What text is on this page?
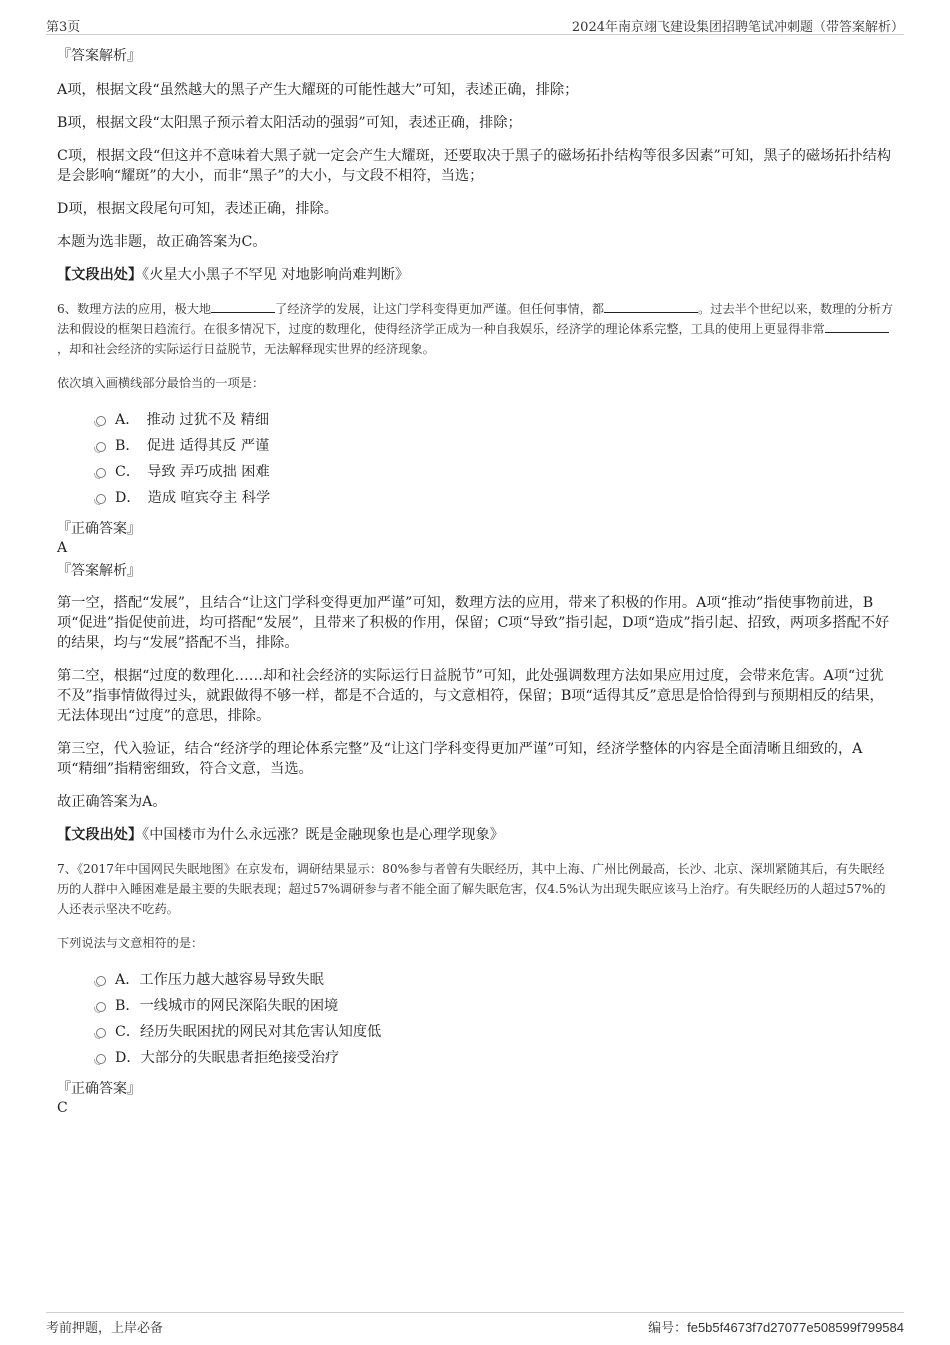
第3页	2024年南京翊飞建设集团招聘笔试冲刺题（带答案解析）

『答案解析』

A项，根据文段“虽然越大的黑子产生大耀斑的可能性越大”可知，表述正确，排除；

B项，根据文段“太阳黑子预示着太阳活动的强弱”可知，表述正确，排除；

C项，根据文段“但这并不意味着大黑子就一定会产生大耀斑，还要取决于黑子的磁场拓扑结构等很多因素”可知，黑子的磁场拓扑结构是会影响“耀斑”的大小，而非“黑子”的大小，与文段不相符，当选；

D项，根据文段尾句可知，表述正确，排除。

本题为选非题，故正确答案为C。

【文段出处】《火星大小黑子不罕见 对地影响尚难判断》

6、数理方法的应用，极大地	了经济学的发展，让这门学科变得更加严谨。但任何事情，都	。过去半个世纪以来，数理的分析方法和假设的框架日趋流行。在很多情况下，过度的数理化，使得经济学正成为一种自我娱乐，经济学的理论体系完整，工具的使用上更显得非常，却和社会经济的实际运行日益脱节，无法解释现实世界的经济现象。

依次填入画横线部分最恰当的一项是：

A．　推动 过犹不及 精细
B．　促进 适得其反 严谨
C．　导致 弄巧成拙 困难
D．　造成 喧宾夺主 科学

『正确答案』

A

『答案解析』

第一空，搭配“发展”，且结合“让这门学科变得更加严谨”可知，数理方法的应用，带来了积极的作用。A项“推动”指使事物前进，B项“促进”指促使前进，均可搭配“发展”，且带来了积极的作用，保留；C项“导致”指引起，D项“造成”指引起、招致，两项多搭配不好的结果，均与“发展”搭配不当，排除。

第二空，根据“过度的数理化……却和社会经济的实际运行日益脱节”可知，此处强调数理方法如果应用过度，会带来危害。A项“过犹不及”指事情做得过头，就跟做得不够一样，都是不合适的，与文意相符，保留；B项“适得其反”意思是恰恰得到与预期相反的结果，无法体现出“过度”的意思，排除。

第三空，代入验证，结合“经济学的理论体系完整”及“让这门学科变得更加严谨”可知，经济学整体的内容是全面清晰且细致的，A项“精细”指精密细致，符合文意，当选。

故正确答案为A。

【文段出处】《中国楼市为什么永远涨？既是金融现象也是心理学现象》

7、《2017年中国网民失眠地图》在京发布，调研结果显示：80%参与者曾有失眠经历，其中上海、广州比例最高，长沙、北京、深圳紧随其后，有失眠经历的人群中入睡困难是最主要的失眠表现；超过57%调研参与者不能全面了解失眠危害，仅4.5%认为出现失眠应该马上治疗。有失眠经历的人超过57%的人还表示坚决不吃药。

下列说法与文意相符的是：

A．工作压力越大越容易导致失眠
B．一线城市的网民深陷失眠的困境
C．经历失眠困扰的网民对其危害认知度低
D．大部分的失眠患者拒绝接受治疗

『正确答案』

C

考前押题，上岸必备	编号：fe5b5f4673f7d27077e508599f799584
